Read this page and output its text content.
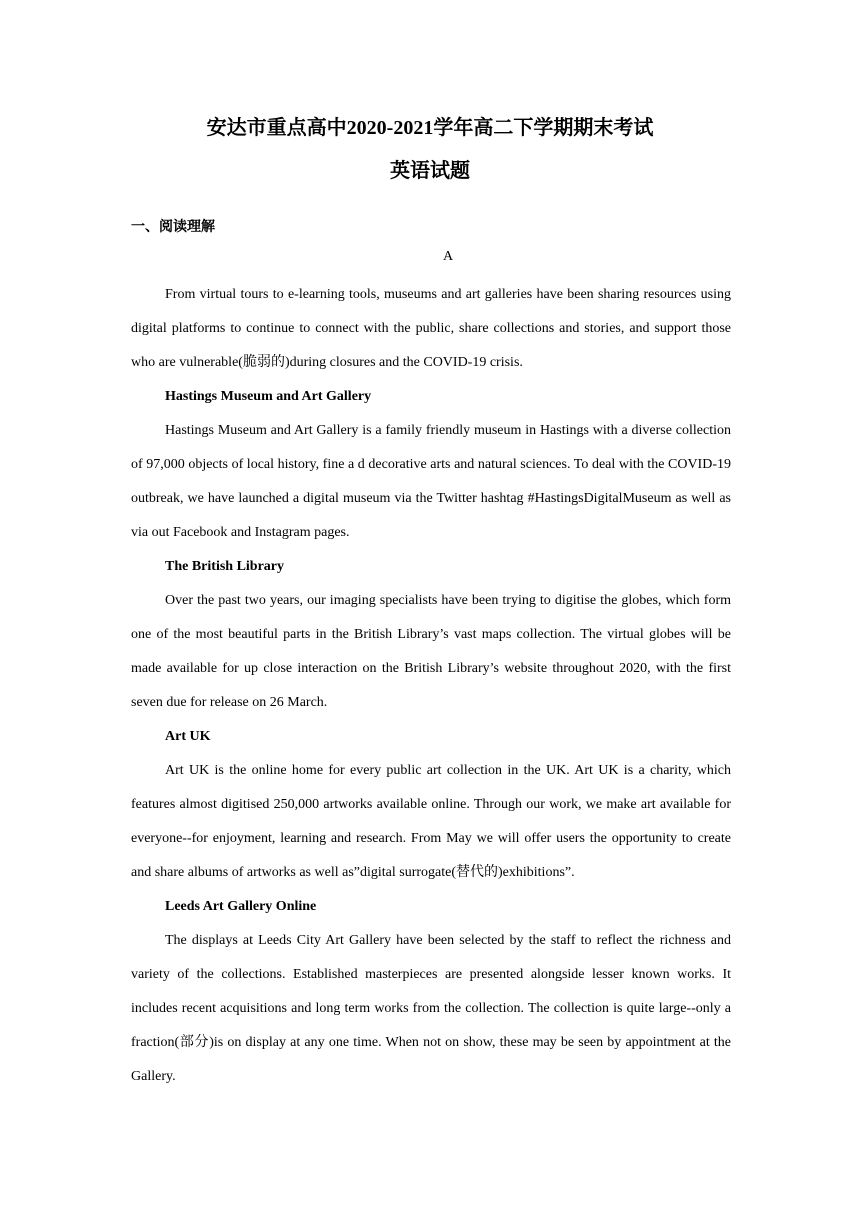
安达市重点高中2020-2021学年高二下学期期末考试
英语试题
一、阅读理解
A

From virtual tours to e-learning tools, museums and art galleries have been sharing resources using digital platforms to continue to connect with the public, share collections and stories, and support those who are vulnerable(脆弱的)during closures and the COVID-19 crisis.

Hastings Museum and Art Gallery

Hastings Museum and Art Gallery is a family friendly museum in Hastings with a diverse collection of 97,000 objects of local history, fine a d decorative arts and natural sciences. To deal with the COVID-19 outbreak, we have launched a digital museum via the Twitter hashtag #HastingsDigitalMuseum as well as via out Facebook and Instagram pages.

The British Library

Over the past two years, our imaging specialists have been trying to digitise the globes, which form one of the most beautiful parts in the British Library’s vast maps collection. The virtual globes will be made available for up close interaction on the British Library’s website throughout 2020, with the first seven due for release on 26 March.

Art UK

Art UK is the online home for every public art collection in the UK. Art UK is a charity, which features almost digitised 250,000 artworks available online. Through our work, we make art available for everyone--for enjoyment, learning and research. From May we will offer users the opportunity to create and share albums of artworks as well as”digital surrogate(替代的)exhibitions”.

Leeds Art Gallery Online

The displays at Leeds City Art Gallery have been selected by the staff to reflect the richness and variety of the collections. Established masterpieces are presented alongside lesser known works. It includes recent acquisitions and long term works from the collection. The collection is quite large--only a fraction(部分)is on display at any one time. When not on show, these may be seen by appointment at the Gallery.
